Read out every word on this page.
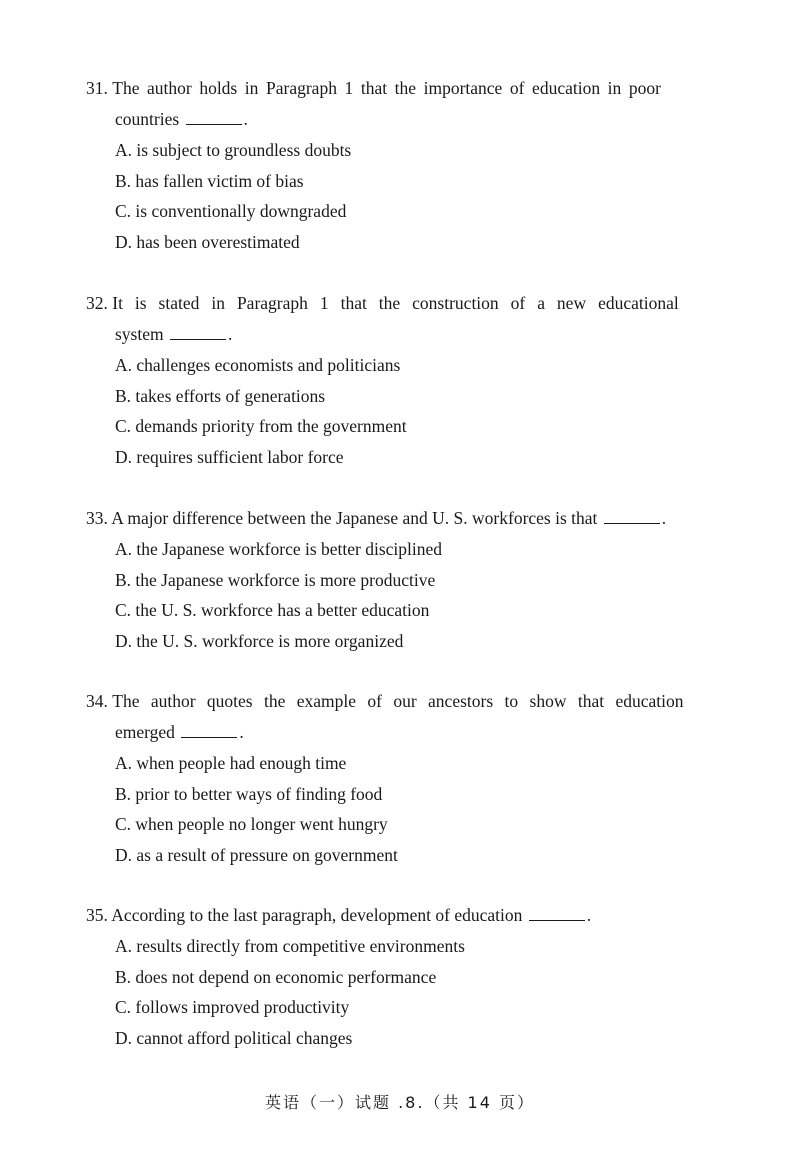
31. The author holds in Paragraph 1 that the importance of education in poor
countries	.
A. is subject to groundless doubts
B. has fallen victim of bias
C. is conventionally downgraded
D. has been overestimated
32. It is stated in Paragraph 1 that the construction of a new educational
system	.
A. challenges economists and politicians
B. takes efforts of generations
C. demands priority from the government
D. requires sufficient labor force
33. A major difference between the Japanese and U. S. workforces is that	.
A. the Japanese workforce is better disciplined
B. the Japanese workforce is more productive
C. the U. S. workforce has a better education
D. the U. S. workforce is more organized
34. The author quotes the example of our ancestors to show that education
emerged	.
A. when people had enough time
B. prior to better ways of finding food
C. when people no longer went hungry
D. as a result of pressure on government
35. According to the last paragraph, development of education	.
A. results directly from competitive environments
B. does not depend on economic performance
C. follows improved productivity
D. cannot afford political changes
英语（一）试题 .8.（共 14 页）
